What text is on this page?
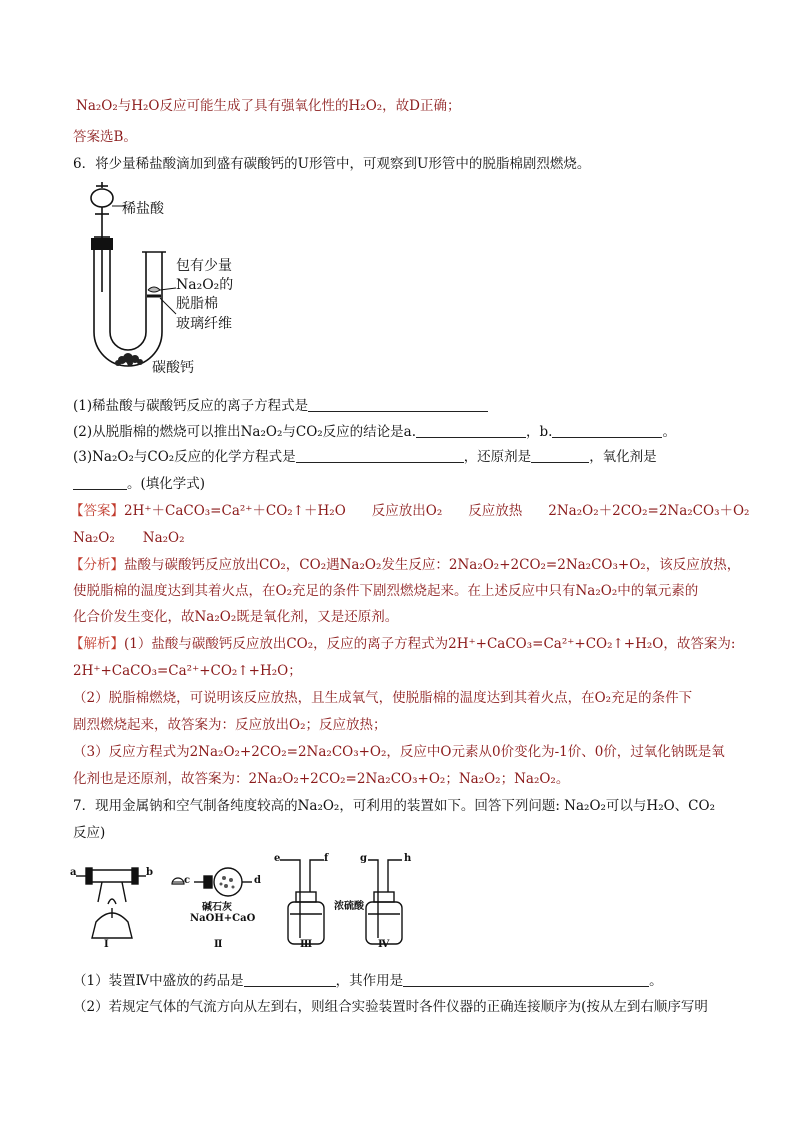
Na₂O₂与H₂O反应可能生成了具有强氧化性的H₂O₂，故D正确；
答案选B。
6．将少量稀盐酸滴加到盛有碳酸钙的U形管中，可观察到U形管中的脱脂棉剧烈燃烧。
稀盐酸
包有少量
Na₂O₂的
脱脂棉
玻璃纤维
碳酸钙
(1)稀盐酸与碳酸钙反应的离子方程式是
(2)从脱脂棉的燃烧可以推出Na₂O₂与CO₂反应的结论是a.	，b.	。
(3)Na₂O₂与CO₂反应的化学方程式是	，还原剂是	，氧化剂是
。(填化学式)
【答案】2H⁺＋CaCO₃=Ca²⁺＋CO₂↑＋H₂O 反应放出O₂ 反应放热 2Na₂O₂＋2CO₂=2Na₂CO₃＋O₂
Na₂O₂ Na₂O₂
【分析】盐酸与碳酸钙反应放出CO₂，CO₂遇Na₂O₂发生反应：2Na₂O₂+2CO₂=2Na₂CO₃+O₂，该反应放热，
使脱脂棉的温度达到其着火点，在O₂充足的条件下剧烈燃烧起来。在上述反应中只有Na₂O₂中的氧元素的
化合价发生变化，故Na₂O₂既是氧化剂，又是还原剂。
【解析】(1）盐酸与碳酸钙反应放出CO₂，反应的离子方程式为2H⁺+CaCO₃=Ca²⁺+CO₂↑+H₂O，故答案为:
2H⁺+CaCO₃=Ca²⁺+CO₂↑+H₂O；
（2）脱脂棉燃烧，可说明该反应放热，且生成氧气，使脱脂棉的温度达到其着火点，在O₂充足的条件下
剧烈燃烧起来，故答案为：反应放出O₂；反应放热；
（3）反应方程式为2Na₂O₂+2CO₂=2Na₂CO₃+O₂，反应中O元素从0价变化为-1价、0价，过氧化钠既是氧
化剂也是还原剂，故答案为：2Na₂O₂+2CO₂=2Na₂CO₃+O₂；Na₂O₂；Na₂O₂。
7．现用金属钠和空气制备纯度较高的Na₂O₂，可利用的装置如下。回答下列问题: Na₂O₂可以与H₂O、CO₂
反应)
a	b
c	d
e	f	g	h
碱石灰
NaOH+CaO
浓硫酸
Ⅰ	Ⅱ	Ⅲ	Ⅳ
（1）装置Ⅳ中盛放的药品是	，其作用是	。
（2）若规定气体的气流方向从左到右，则组合实验装置时各件仪器的正确连接顺序为(按从左到右顺序写明
